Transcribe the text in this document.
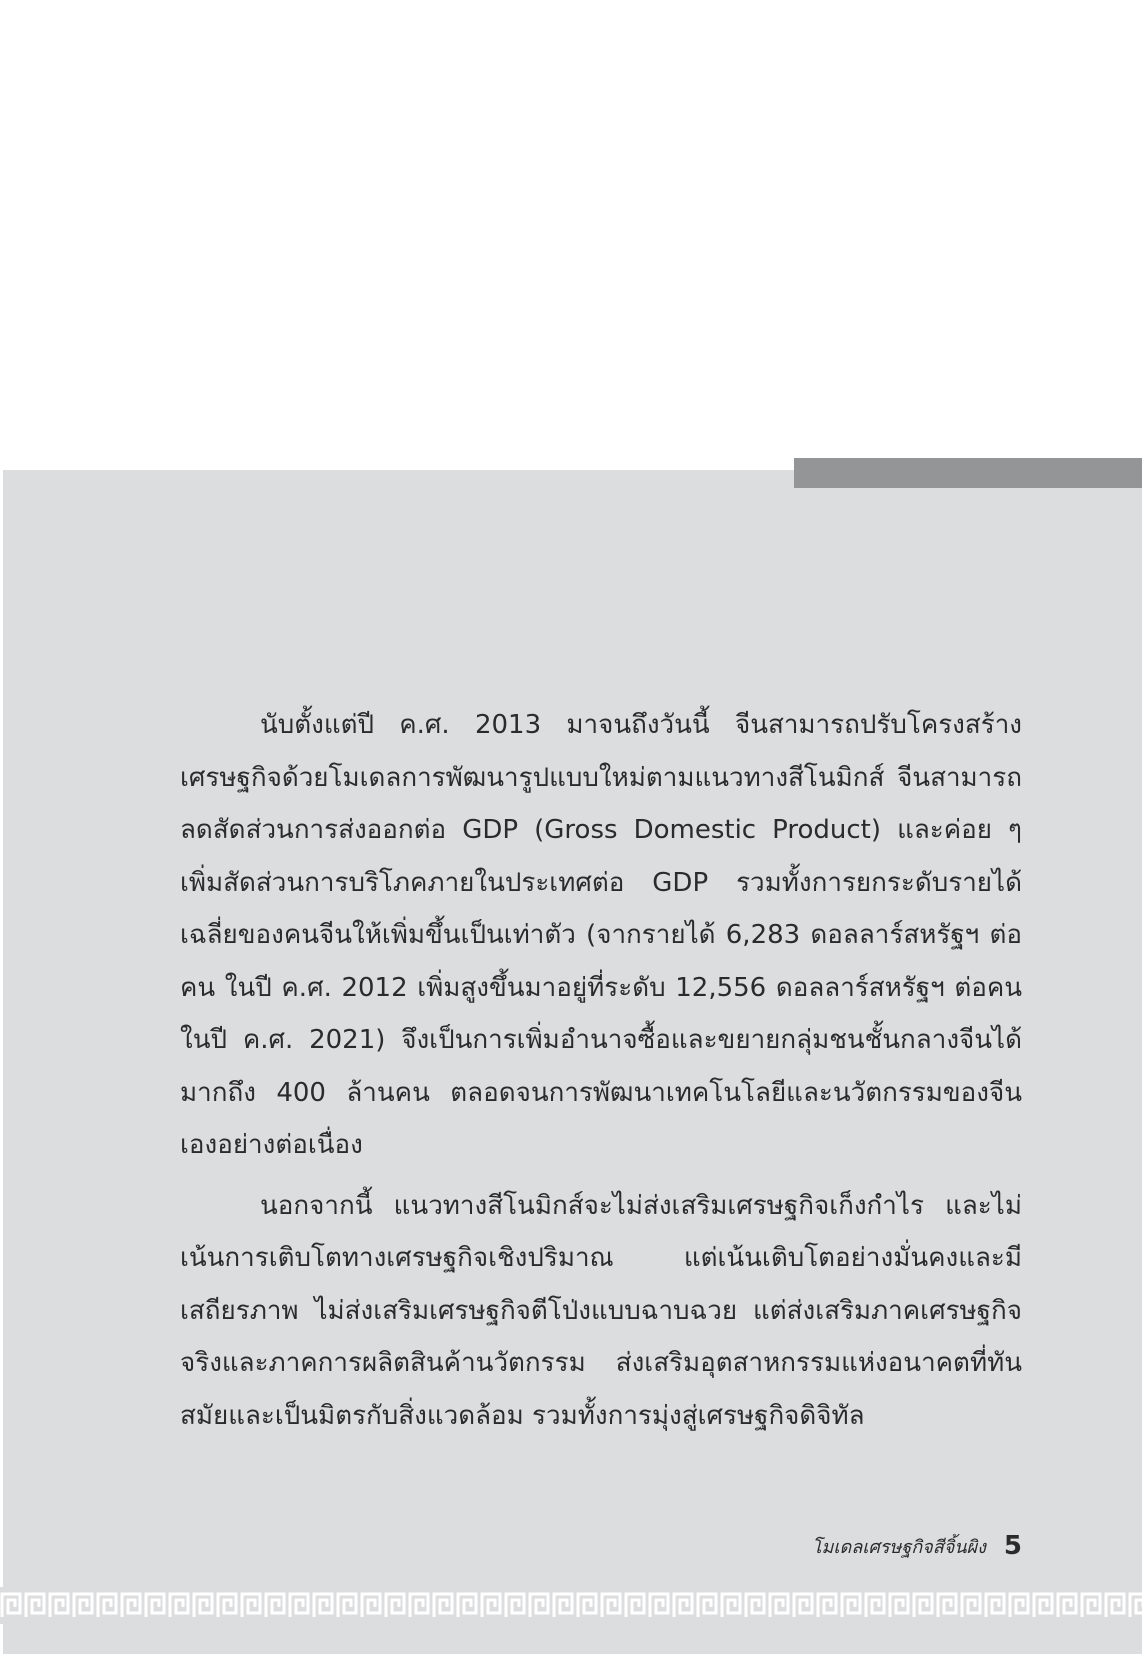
นับตั้งแต่ปี ค.ศ. 2013 มาจนถึงวันนี้ จีนสามารถปรับโครงสร้างเศรษฐกิจด้วยโมเดลการพัฒนารูปแบบใหม่ตามแนวทางสีโนมิกส์ จีนสามารถลดสัดส่วนการส่งออกต่อ GDP (Gross Domestic Product) และค่อย ๆ เพิ่มสัดส่วนการบริโภคภายในประเทศต่อ GDP รวมทั้งการยกระดับรายได้เฉลี่ยของคนจีนให้เพิ่มขึ้นเป็นเท่าตัว (จากรายได้ 6,283 ดอลลาร์สหรัฐฯ ต่อคน ในปี ค.ศ. 2012 เพิ่มสูงขึ้นมาอยู่ที่ระดับ 12,556 ดอลลาร์สหรัฐฯ ต่อคน ในปี ค.ศ. 2021) จึงเป็นการเพิ่มอำนาจซื้อและขยายกลุ่มชนชั้นกลางจีนได้มากถึง 400 ล้านคน ตลอดจนการพัฒนาเทคโนโลยีและนวัตกรรมของจีนเองอย่างต่อเนื่อง

นอกจากนี้ แนวทางสีโนมิกส์จะไม่ส่งเสริมเศรษฐกิจเก็งกำไร และไม่เน้นการเติบโตทางเศรษฐกิจเชิงปริมาณ แต่เน้นเติบโตอย่างมั่นคงและมีเสถียรภาพ ไม่ส่งเสริมเศรษฐกิจตีโป่งแบบฉาบฉวย แต่ส่งเสริมภาคเศรษฐกิจจริงและภาคการผลิตสินค้านวัตกรรม ส่งเสริมอุตสาหกรรมแห่งอนาคตที่ทันสมัยและเป็นมิตรกับสิ่งแวดล้อม รวมทั้งการมุ่งสู่เศรษฐกิจดิจิทัล

โมเดลเศรษฐกิจสีจิ้นผิง 5
